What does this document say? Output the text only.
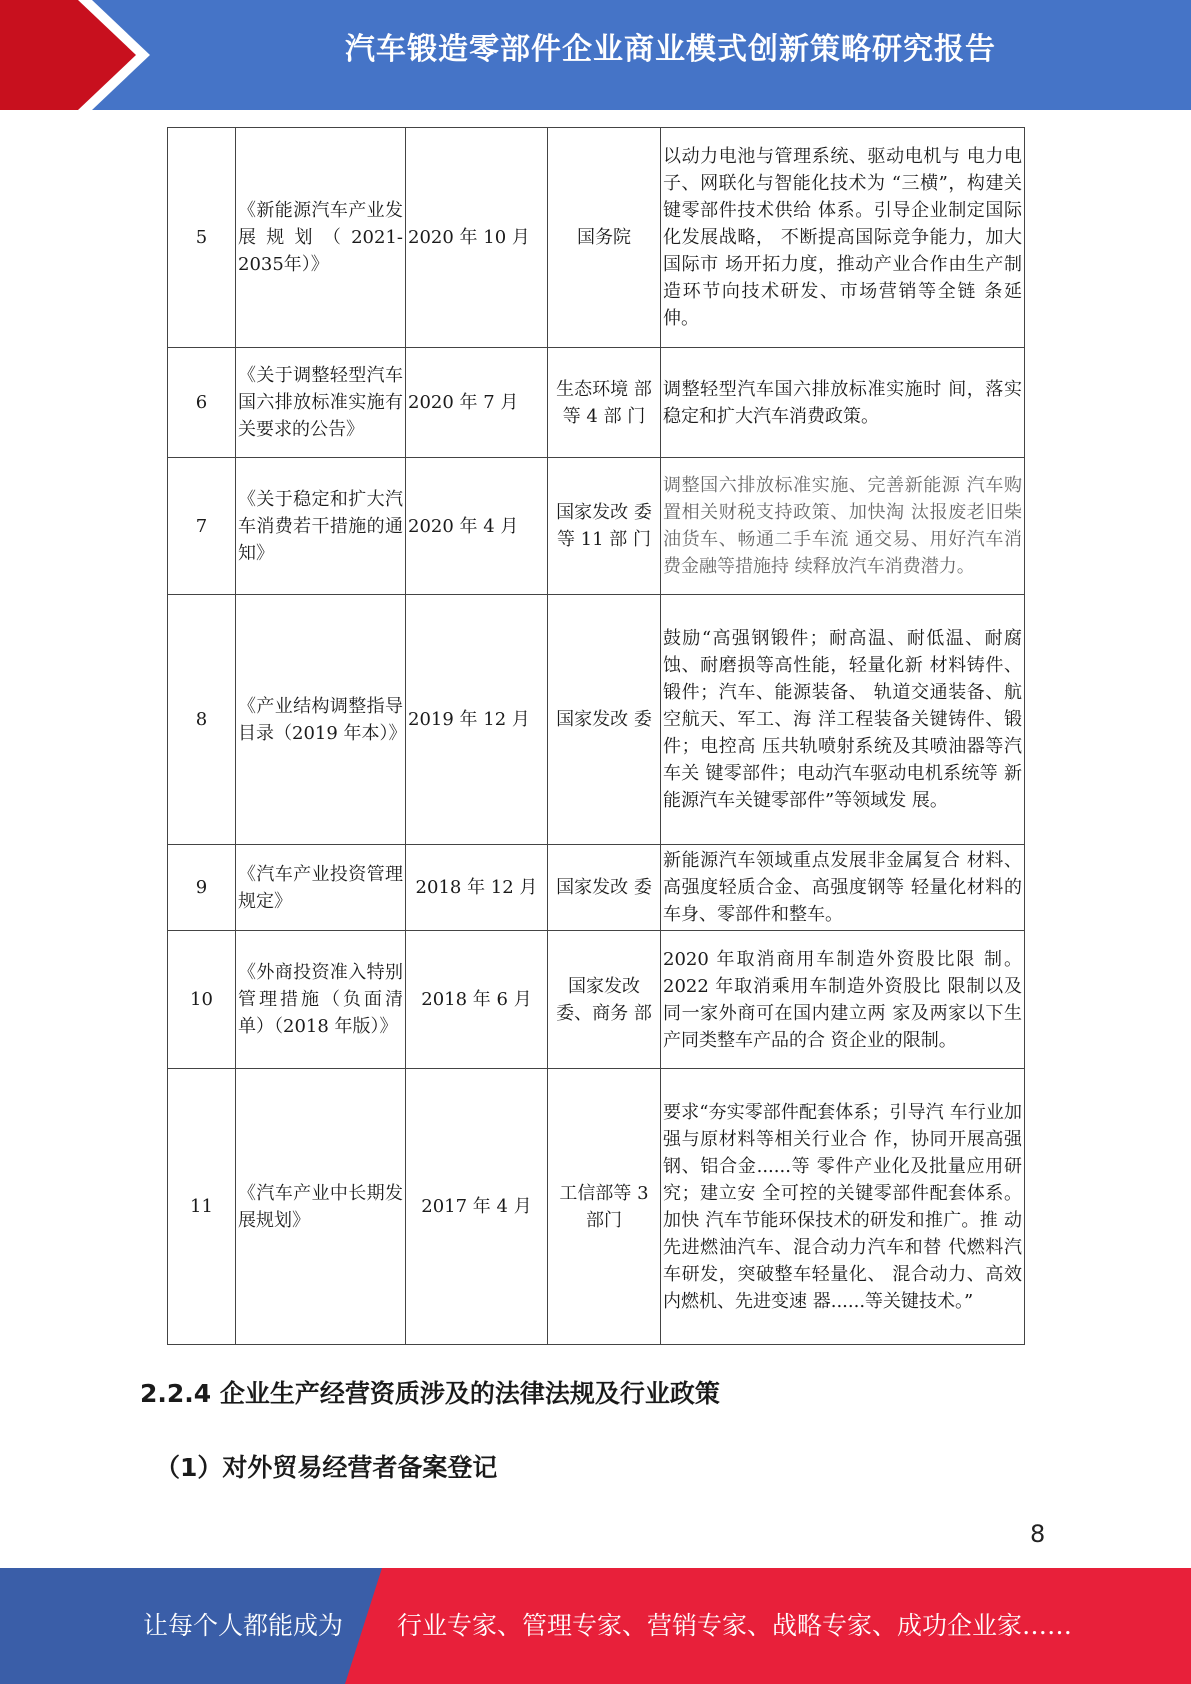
汽车锻造零部件企业商业模式创新策略研究报告
5	《新能源汽车产业发展规划（2021-2035年）》	2020 年 10 月	国务院	以动力电池与管理系统、驱动电机与 电力电子、网联化与智能化技术为 “三横”，构建关键零部件技术供给 体系。引导企业制定国际化发展战略， 不断提高国际竞争能力，加大国际市 场开拓力度，推动产业合作由生产制 造环节向技术研发、市场营销等全链 条延伸。
6	《关于调整轻型汽车国六排放标准实施有关要求的公告》	2020 年 7 月	生态环境 部等 4 部 门	调整轻型汽车国六排放标准实施时 间，落实稳定和扩大汽车消费政策。
7	《关于稳定和扩大汽车消费若干措施的通知》	2020 年 4 月	国家发改 委等 11 部 门	调整国六排放标准实施、完善新能源 汽车购置相关财税支持政策、加快淘 汰报废老旧柴油货车、畅通二手车流 通交易、用好汽车消费金融等措施持 续释放汽车消费潜力。
8	《产业结构调整指导目录（2019 年本）》	2019 年 12 月	国家发改 委	鼓励“高强钢锻件；耐高温、耐低温、耐腐蚀、耐磨损等高性能，轻量化新 材料铸件、锻件；汽车、能源装备、 轨道交通装备、航空航天、军工、海 洋工程装备关键铸件、锻件；电控高 压共轨喷射系统及其喷油器等汽车关 键零部件；电动汽车驱动电机系统等 新能源汽车关键零部件”等领域发 展。
9	《汽车产业投资管理规定》	2018 年 12 月	国家发改 委	新能源汽车领域重点发展非金属复合 材料、高强度轻质合金、高强度钢等 轻量化材料的车身、零部件和整车。
10	《外商投资准入特别管理措施（负面清单）（2018 年版）》	2018 年 6 月	国家发改 委、商务 部	2020 年取消商用车制造外资股比限 制。2022 年取消乘用车制造外资股比 限制以及同一家外商可在国内建立两 家及两家以下生产同类整车产品的合 资企业的限制。
11	《汽车产业中长期发展规划》	2017 年 4 月	工信部等 3 部门	要求“夯实零部件配套体系；引导汽 车行业加强与原材料等相关行业合 作，协同开展高强钢、铝合金......等 零件产业化及批量应用研究；建立安 全可控的关键零部件配套体系。加快 汽车节能环保技术的研发和推广。推 动先进燃油汽车、混合动力汽车和替 代燃料汽车研发，突破整车轻量化、 混合动力、高效内燃机、先进变速 器......等关键技术。”
2.2.4 企业生产经营资质涉及的法律法规及行业政策
（1）对外贸易经营者备案登记
8
让每个人都能成为 行业专家、管理专家、营销专家、战略专家、成功企业家……
